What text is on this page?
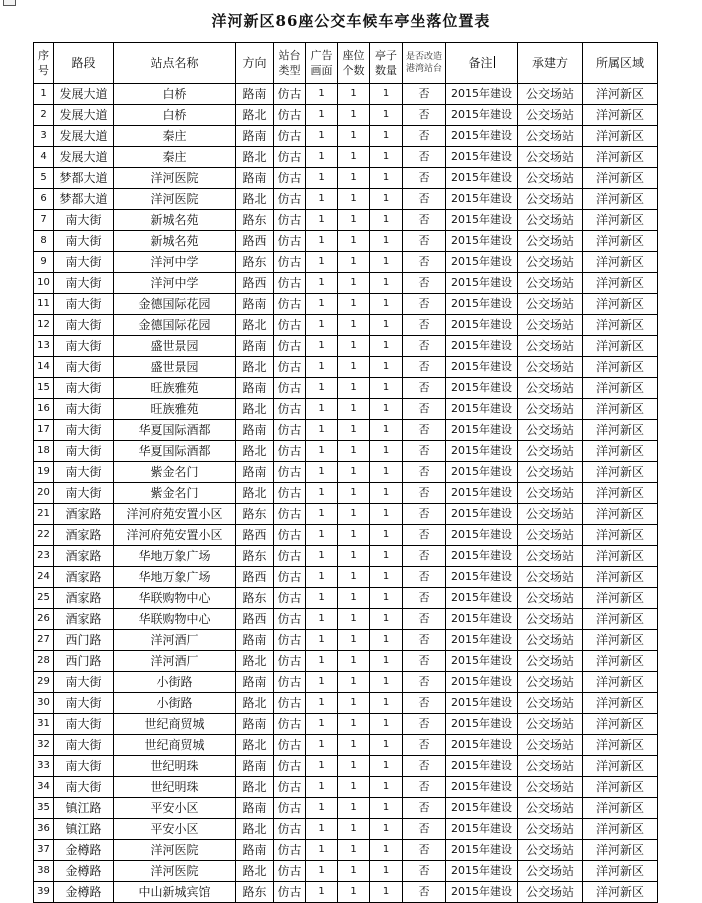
洋河新区86座公交车候车亭坐落位置表
序号	路段	站点名称	方向	站台类型	广告画面	座位个数	亭子数量	是否改造港湾站台	备注	承建方	所属区域
1	发展大道	白桥	路南	仿古	1	1	1	否	2015年建设	公交场站	洋河新区
2	发展大道	白桥	路北	仿古	1	1	1	否	2015年建设	公交场站	洋河新区
3	发展大道	秦庄	路南	仿古	1	1	1	否	2015年建设	公交场站	洋河新区
4	发展大道	秦庄	路北	仿古	1	1	1	否	2015年建设	公交场站	洋河新区
5	梦都大道	洋河医院	路南	仿古	1	1	1	否	2015年建设	公交场站	洋河新区
6	梦都大道	洋河医院	路北	仿古	1	1	1	否	2015年建设	公交场站	洋河新区
7	南大街	新城名苑	路东	仿古	1	1	1	否	2015年建设	公交场站	洋河新区
8	南大街	新城名苑	路西	仿古	1	1	1	否	2015年建设	公交场站	洋河新区
9	南大街	洋河中学	路东	仿古	1	1	1	否	2015年建设	公交场站	洋河新区
10	南大街	洋河中学	路西	仿古	1	1	1	否	2015年建设	公交场站	洋河新区
11	南大街	金德国际花园	路南	仿古	1	1	1	否	2015年建设	公交场站	洋河新区
12	南大街	金德国际花园	路北	仿古	1	1	1	否	2015年建设	公交场站	洋河新区
13	南大街	盛世景园	路南	仿古	1	1	1	否	2015年建设	公交场站	洋河新区
14	南大街	盛世景园	路北	仿古	1	1	1	否	2015年建设	公交场站	洋河新区
15	南大街	旺族雅苑	路南	仿古	1	1	1	否	2015年建设	公交场站	洋河新区
16	南大街	旺族雅苑	路北	仿古	1	1	1	否	2015年建设	公交场站	洋河新区
17	南大街	华夏国际酒都	路南	仿古	1	1	1	否	2015年建设	公交场站	洋河新区
18	南大街	华夏国际酒都	路北	仿古	1	1	1	否	2015年建设	公交场站	洋河新区
19	南大街	紫金名门	路南	仿古	1	1	1	否	2015年建设	公交场站	洋河新区
20	南大街	紫金名门	路北	仿古	1	1	1	否	2015年建设	公交场站	洋河新区
21	酒家路	洋河府苑安置小区	路东	仿古	1	1	1	否	2015年建设	公交场站	洋河新区
22	酒家路	洋河府苑安置小区	路西	仿古	1	1	1	否	2015年建设	公交场站	洋河新区
23	酒家路	华地万象广场	路东	仿古	1	1	1	否	2015年建设	公交场站	洋河新区
24	酒家路	华地万象广场	路西	仿古	1	1	1	否	2015年建设	公交场站	洋河新区
25	酒家路	华联购物中心	路东	仿古	1	1	1	否	2015年建设	公交场站	洋河新区
26	酒家路	华联购物中心	路西	仿古	1	1	1	否	2015年建设	公交场站	洋河新区
27	西门路	洋河酒厂	路南	仿古	1	1	1	否	2015年建设	公交场站	洋河新区
28	西门路	洋河酒厂	路北	仿古	1	1	1	否	2015年建设	公交场站	洋河新区
29	南大街	小街路	路南	仿古	1	1	1	否	2015年建设	公交场站	洋河新区
30	南大街	小街路	路北	仿古	1	1	1	否	2015年建设	公交场站	洋河新区
31	南大街	世纪商贸城	路南	仿古	1	1	1	否	2015年建设	公交场站	洋河新区
32	南大街	世纪商贸城	路北	仿古	1	1	1	否	2015年建设	公交场站	洋河新区
33	南大街	世纪明珠	路南	仿古	1	1	1	否	2015年建设	公交场站	洋河新区
34	南大街	世纪明珠	路北	仿古	1	1	1	否	2015年建设	公交场站	洋河新区
35	镇江路	平安小区	路南	仿古	1	1	1	否	2015年建设	公交场站	洋河新区
36	镇江路	平安小区	路北	仿古	1	1	1	否	2015年建设	公交场站	洋河新区
37	金樽路	洋河医院	路南	仿古	1	1	1	否	2015年建设	公交场站	洋河新区
38	金樽路	洋河医院	路北	仿古	1	1	1	否	2015年建设	公交场站	洋河新区
39	金樽路	中山新城宾馆	路东	仿古	1	1	1	否	2015年建设	公交场站	洋河新区
